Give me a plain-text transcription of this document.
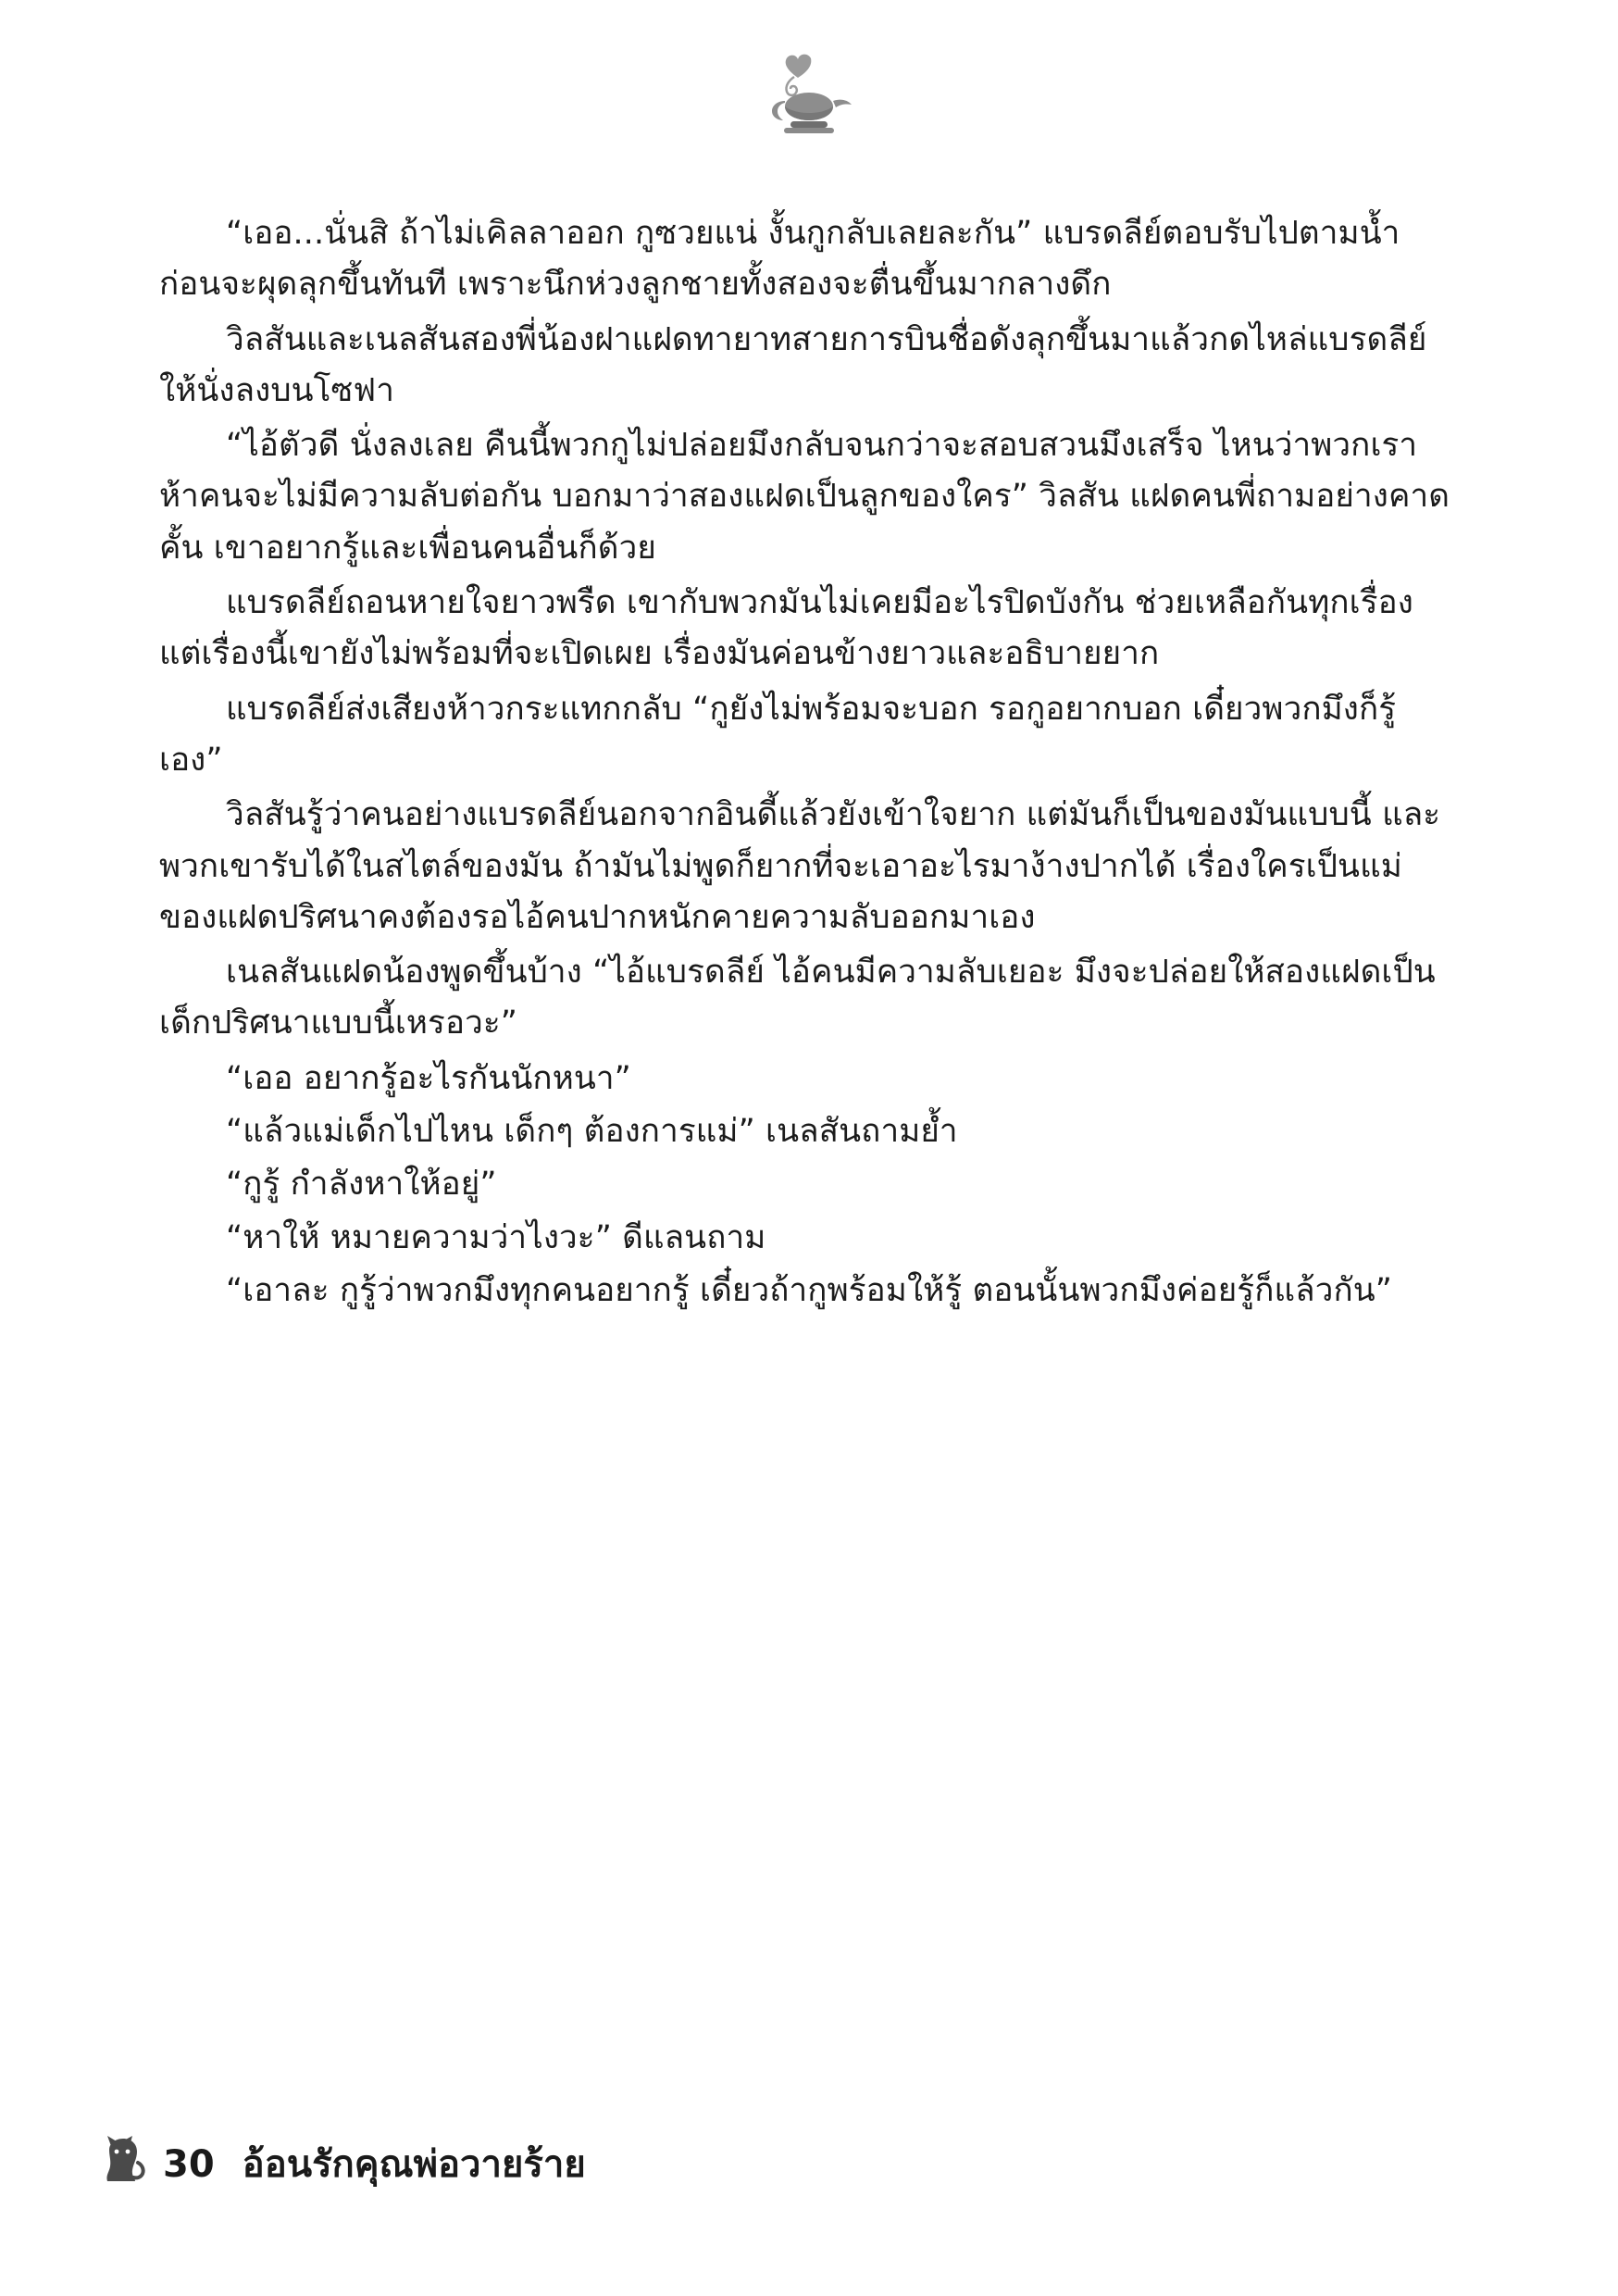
“เออ...นั่นสิ ถ้าไม่เคิลลาออก กูซวยแน่ งั้นกูกลับเลยละกัน” แบรดลีย์ตอบรับไปตามน้ำ ก่อนจะผุดลุกขึ้นทันที เพราะนึกห่วงลูกชายทั้งสองจะตื่นขึ้นมากลางดึก

วิลสันและเนลสันสองพี่น้องฝาแฝดทายาทสายการบินชื่อดังลุกขึ้นมาแล้วกดไหล่แบรดลีย์ให้นั่งลงบนโซฟา

“ไอ้ตัวดี นั่งลงเลย คืนนี้พวกกูไม่ปล่อยมึงกลับจนกว่าจะสอบสวนมึงเสร็จ ไหนว่าพวกเราห้าคนจะไม่มีความลับต่อกัน บอกมาว่าสองแฝดเป็นลูกของใคร” วิลสัน แฝดคนพี่ถามอย่างคาดคั้น เขาอยากรู้และเพื่อนคนอื่นก็ด้วย

แบรดลีย์ถอนหายใจยาวพรืด เขากับพวกมันไม่เคยมีอะไรปิดบังกัน ช่วยเหลือกันทุกเรื่อง แต่เรื่องนี้เขายังไม่พร้อมที่จะเปิดเผย เรื่องมันค่อนข้างยาวและอธิบายยาก

แบรดลีย์ส่งเสียงห้าวกระแทกกลับ “กูยังไม่พร้อมจะบอก รอกูอยากบอก เดี๋ยวพวกมึงก็รู้เอง”

วิลสันรู้ว่าคนอย่างแบรดลีย์นอกจากอินดี้แล้วยังเข้าใจยาก แต่มันก็เป็นของมันแบบนี้ และพวกเขารับได้ในสไตล์ของมัน ถ้ามันไม่พูดก็ยากที่จะเอาอะไรมาง้างปากได้ เรื่องใครเป็นแม่ของแฝดปริศนาคงต้องรอไอ้คนปากหนักคายความลับออกมาเอง

เนลสันแฝดน้องพูดขึ้นบ้าง “ไอ้แบรดลีย์ ไอ้คนมีความลับเยอะ มึงจะปล่อยให้สองแฝดเป็นเด็กปริศนาแบบนี้เหรอวะ”

“เออ อยากรู้อะไรกันนักหนา”

“แล้วแม่เด็กไปไหน เด็กๆ ต้องการแม่” เนลสันถามย้ำ

“กูรู้ กำลังหาให้อยู่”

“หาให้ หมายความว่าไงวะ” ดีแลนถาม

“เอาละ กูรู้ว่าพวกมึงทุกคนอยากรู้ เดี๋ยวถ้ากูพร้อมให้รู้ ตอนนั้นพวกมึงค่อยรู้ก็แล้วกัน”

30 อ้อนรักคุณพ่อวายร้าย
